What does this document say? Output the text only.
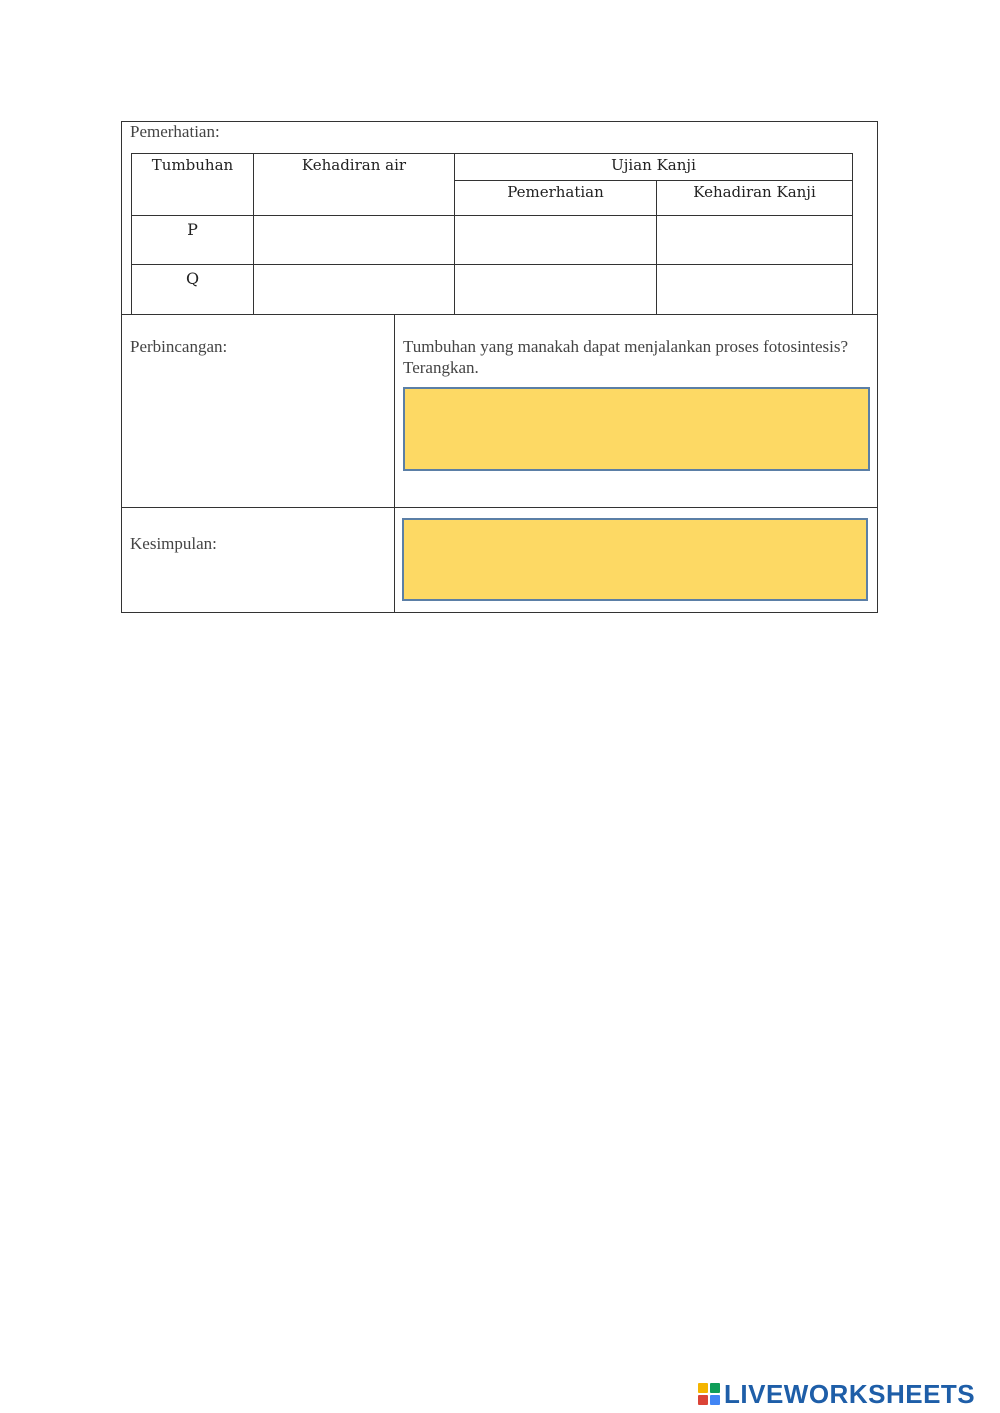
Pemerhatian:
Tumbuhan	Kehadiran air	Ujian Kanji	
		Pemerhatian	Kehadiran Kanji
P			
Q			
Perbincangan:	Tumbuhan yang manakah dapat menjalankan proses fotosintesis? Terangkan.
Kesimpulan:
LIVEWORKSHEETS
